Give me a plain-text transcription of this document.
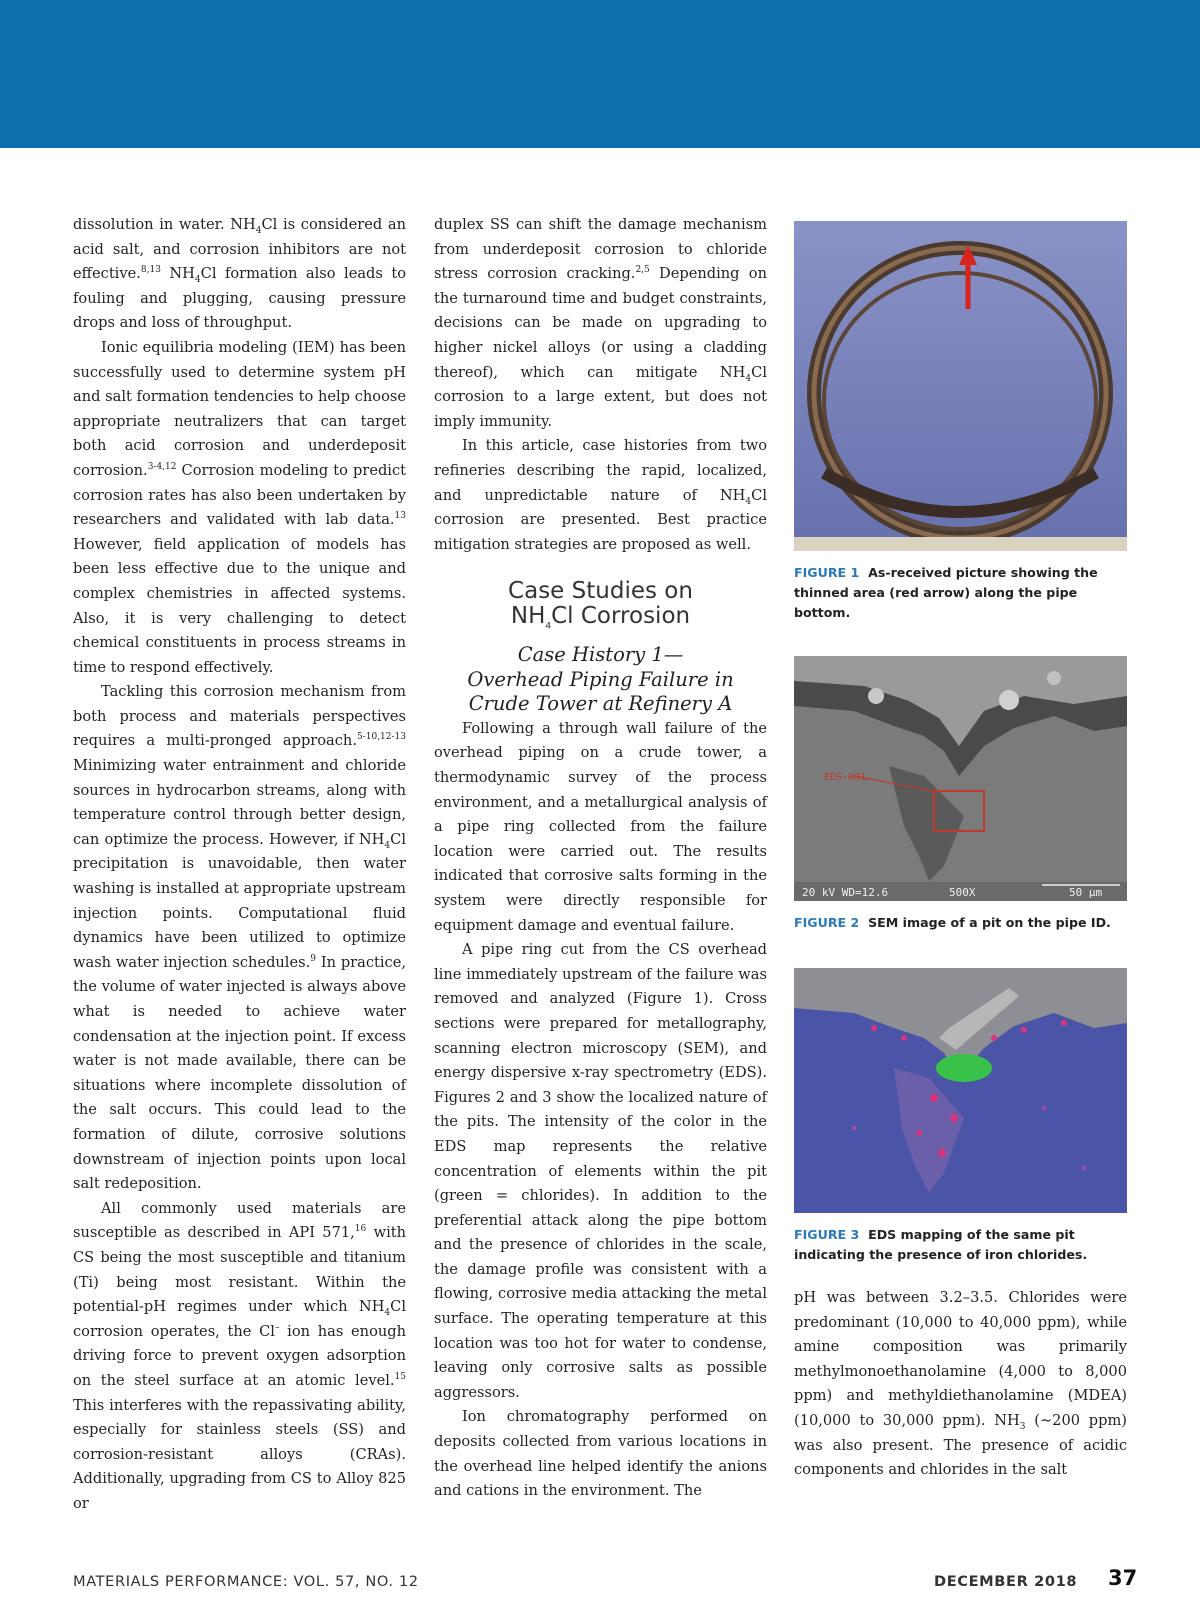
dissolution in water. $NH_4Cl$ is considered an acid salt, and corrosion inhibitors are not effective.$^{8,13}$ $NH_4Cl$ formation also leads to fouling and plugging, causing pressure drops and loss of throughput.

Ionic equilibria modeling (IEM) has been successfully used to determine system pH and salt formation tendencies to help choose appropriate neutralizers that can target both acid corrosion and underdeposit corrosion.$^{3-4,12}$ Corrosion modeling to predict corrosion rates has also been undertaken by researchers and validated with lab data.$^{13}$ However, field application of models has been less effective due to the unique and complex chemistries in affected systems. Also, it is very challenging to detect chemical constituents in process streams in time to respond effectively.

Tackling this corrosion mechanism from both process and materials perspectives requires a multi-pronged approach.$^{5-10,12-13}$ Minimizing water entrainment and chloride sources in hydrocarbon streams, along with temperature control through better design, can optimize the process. However, if $NH_4Cl$ precipitation is unavoidable, then water washing is installed at appropriate upstream injection points. Computational fluid dynamics have been utilized to optimize wash water injection schedules.$^9$ In practice, the volume of water injected is always above what is needed to achieve water condensation at the injection point. If excess water is not made available, there can be situations where incomplete dissolution of the salt occurs. This could lead to the formation of dilute, corrosive solutions downstream of injection points upon local salt redeposition.

All commonly used materials are susceptible as described in API 571,16 with CS being the most susceptible and titanium (Ti) being most resistant. Within the potential-pH regimes under which $NH_4Cl$ corrosion operates, the Cl– ion has enough driving force to prevent oxygen adsorption on the steel surface at an atomic level.$^{15}$ This interferes with the repassivating ability, especially for stainless steels (SS) and corrosion-resistant alloys (CRAs). Additionally, upgrading from CS to Alloy 825 or

duplex SS can shift the damage mechanism from underdeposit corrosion to chloride stress corrosion cracking.$^{2,5}$ Depending on the turnaround time and budget constraints, decisions can be made on upgrading to higher nickel alloys (or using a cladding thereof), which can mitigate $NH_4Cl$ corrosion to a large extent, but does not imply immunity.

In this article, case histories from two refineries describing the rapid, localized, and unpredictable nature of $NH_4Cl$ corrosion are presented. Best practice mitigation strategies are proposed as well.

Case Studies on
$NH_4Cl$ Corrosion
Case History 1—
Overhead Piping Failure in
Crude Tower at Refinery A

Following a through wall failure of the overhead piping on a crude tower, a thermodynamic survey of the process environment, and a metallurgical analysis of a pipe ring collected from the failure location were carried out. The results indicated that corrosive salts forming in the system were directly responsible for equipment damage and eventual failure.

A pipe ring cut from the CS overhead line immediately upstream of the failure was removed and analyzed (Figure 1). Cross sections were prepared for metallography, scanning electron microscopy (SEM), and energy dispersive x-ray spectrometry (EDS). Figures 2 and 3 show the localized nature of the pits. The intensity of the color in the EDS map represents the relative concentration of elements within the pit (green = chlorides). In addition to the preferential attack along the pipe bottom and the presence of chlorides in the scale, the damage profile was consistent with a flowing, corrosive media attacking the metal surface. The operating temperature at this location was too hot for water to condense, leaving only corrosive salts as possible aggressors.

Ion chromatography performed on deposits collected from various locations in the overhead line helped identify the anions and cations in the environment. The

FIGURE 1 As-received picture showing the thinned area (red arrow) along the pipe bottom.
EDS-001
20 kV WD=12.6	500X	50 µm
FIGURE 2 SEM image of a pit on the pipe ID.
FIGURE 3 EDS mapping of the same pit indicating the presence of iron chlorides.

pH was between 3.2–3.5. Chlorides were predominant (10,000 to 40,000 ppm), while amine composition was primarily methylmonoethanolamine (4,000 to 8,000 ppm) and methyldiethanolamine (MDEA) (10,000 to 30,000 ppm). $NH_3$ (~200 ppm) was also present. The presence of acidic components and chlorides in the salt

MATERIALS PERFORMANCE: VOL. 57, NO. 12	DECEMBER 2018 37
